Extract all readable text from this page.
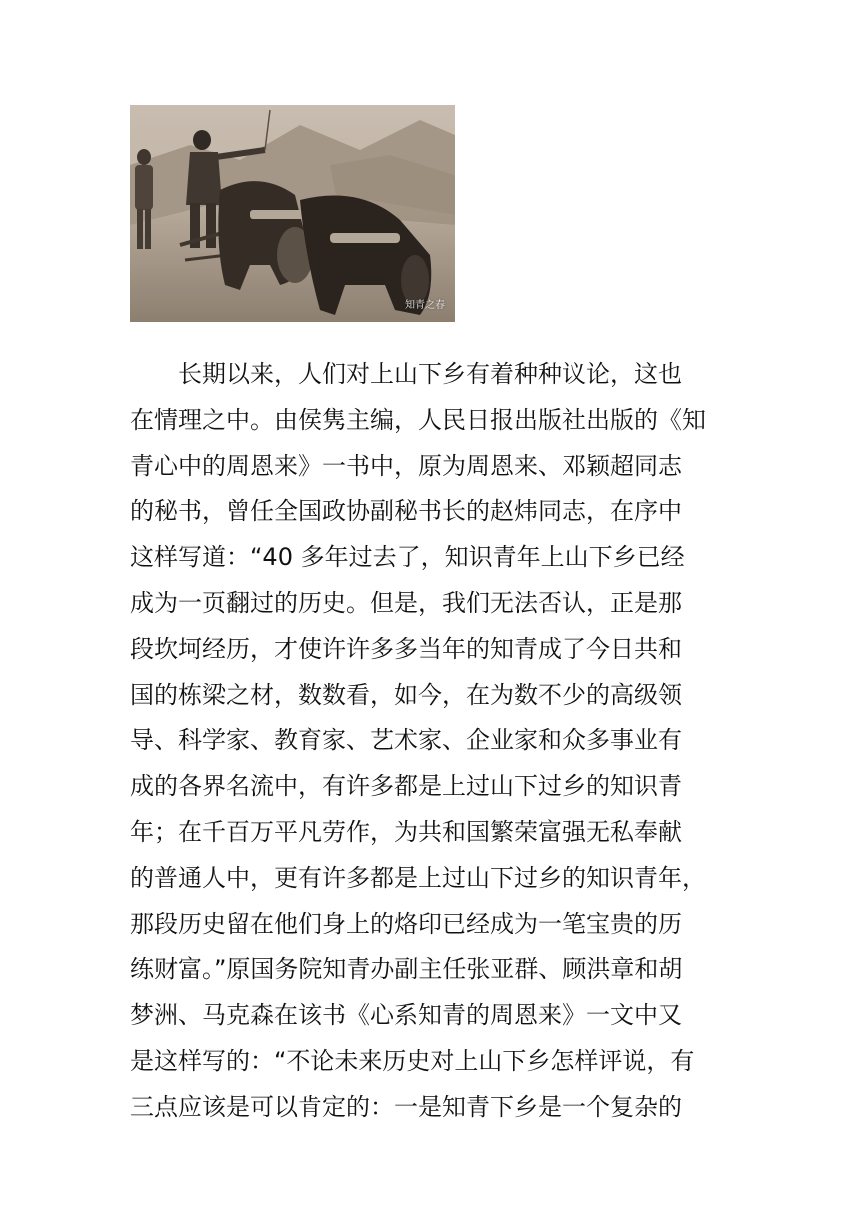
知青之春
长期以来，人们对上山下乡有着种种议论，这也
在情理之中。由侯隽主编，人民日报出版社出版的《知
青心中的周恩来》一书中，原为周恩来、邓颖超同志
的秘书，曾任全国政协副秘书长的赵炜同志，在序中
这样写道：“40 多年过去了，知识青年上山下乡已经
成为一页翻过的历史。但是，我们无法否认，正是那
段坎坷经历，才使许许多多当年的知青成了今日共和
国的栋梁之材，数数看，如今，在为数不少的高级领
导、科学家、教育家、艺术家、企业家和众多事业有
成的各界名流中，有许多都是上过山下过乡的知识青
年；在千百万平凡劳作，为共和国繁荣富强无私奉献
的普通人中，更有许多都是上过山下过乡的知识青年，
那段历史留在他们身上的烙印已经成为一笔宝贵的历
练财富。”原国务院知青办副主任张亚群、顾洪章和胡
梦洲、马克森在该书《心系知青的周恩来》一文中又
是这样写的：“不论未来历史对上山下乡怎样评说，有
三点应该是可以肯定的：一是知青下乡是一个复杂的
